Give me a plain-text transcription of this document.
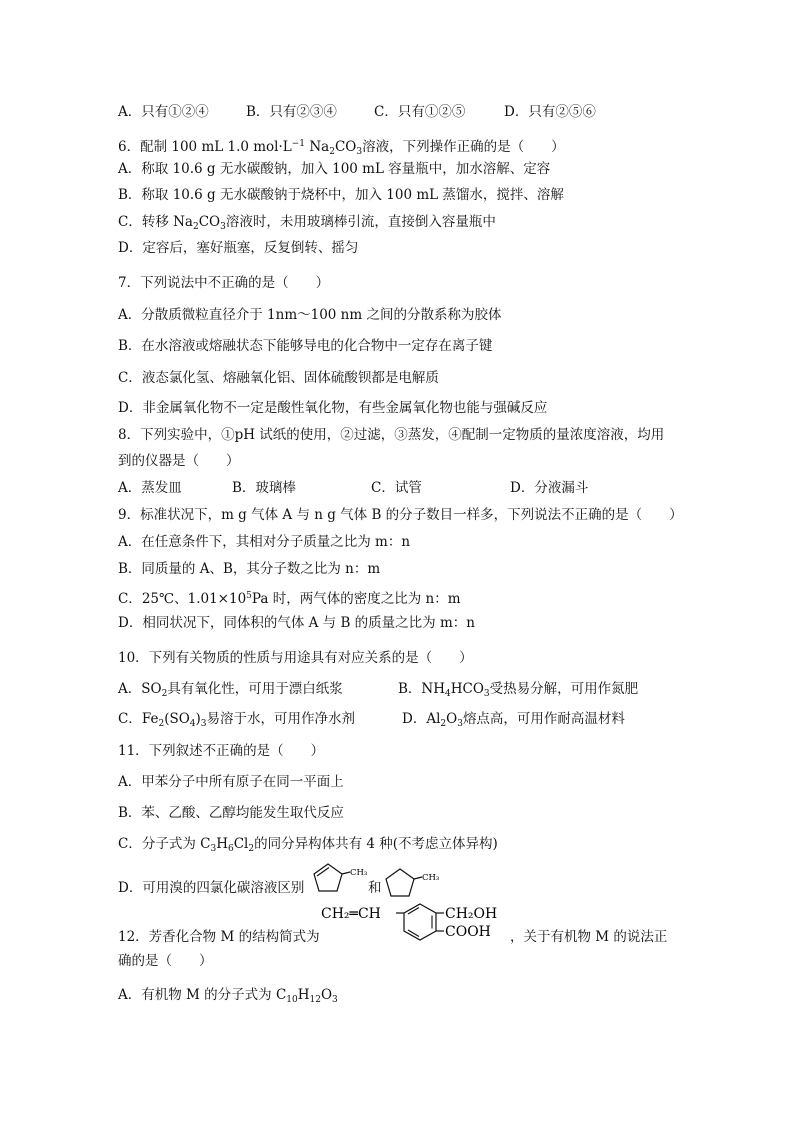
A．只有①②④	B．只有②③④	C．只有①②⑤	D．只有②⑤⑥
6．配制 100 mL 1.0 $mol\cdot L^{-1}$ $Na_2CO_3$溶液，下列操作正确的是（　　）
A．称取 10.6 g 无水碳酸钠，加入 100 mL 容量瓶中，加水溶解、定容
B．称取 10.6 g 无水碳酸钠于烧杯中，加入 100 mL 蒸馏水，搅拌、溶解
C．转移 $Na_2CO_3$溶液时，未用玻璃棒引流，直接倒入容量瓶中
D．定容后，塞好瓶塞，反复倒转、摇匀
7．下列说法中不正确的是（　　）
A．分散质微粒直径介于 1nm～100 nm 之间的分散系称为胶体
B．在水溶液或熔融状态下能够导电的化合物中一定存在离子键
C．液态氯化氢、熔融氧化铝、固体硫酸钡都是电解质
D．非金属氧化物不一定是酸性氧化物，有些金属氧化物也能与强碱反应
8．下列实验中，①pH 试纸的使用，②过滤，③蒸发，④配制一定物质的量浓度溶液，均用
到的仪器是（　　）
A．蒸发皿	B．玻璃棒	C．试管	D．分液漏斗
9．标准状况下，m g 气体 A 与 n g 气体 B 的分子数目一样多，下列说法不正确的是（　　）
A．在任意条件下，其相对分子质量之比为 m：n
B．同质量的 A、B，其分子数之比为 n：m
C．25℃、$1.01\times 10^5Pa$ 时，两气体的密度之比为 n：m
D．相同状况下，同体积的气体 A 与 B 的质量之比为 m：n
10．下列有关物质的性质与用途具有对应关系的是（　　）
A．$SO_2$具有氧化性，可用于漂白纸浆	B．$NH_4HCO_3$受热易分解，可用作氮肥
C．$Fe_2(SO_4)_3$易溶于水，可用作净水剂	D．$Al_2O_3$熔点高，可用作耐高温材料
11．下列叙述不正确的是（　　）
A．甲苯分子中所有原子在同一平面上
B．苯、乙酸、乙醇均能发生取代反应
C．分子式为 $C_3H_6Cl_2$的同分异构体共有 4 种(不考虑立体异构)
D．可用溴的四氯化碳溶液区别
CH₃
和
CH₃
12．芳香化合物 M 的结构简式为
CH₂═CH	CH₂OH
COOH ，关于有机物 M 的说法正
确的是（　　）
A．有机物 M 的分子式为 $C_{10}H_{12}O_3$
